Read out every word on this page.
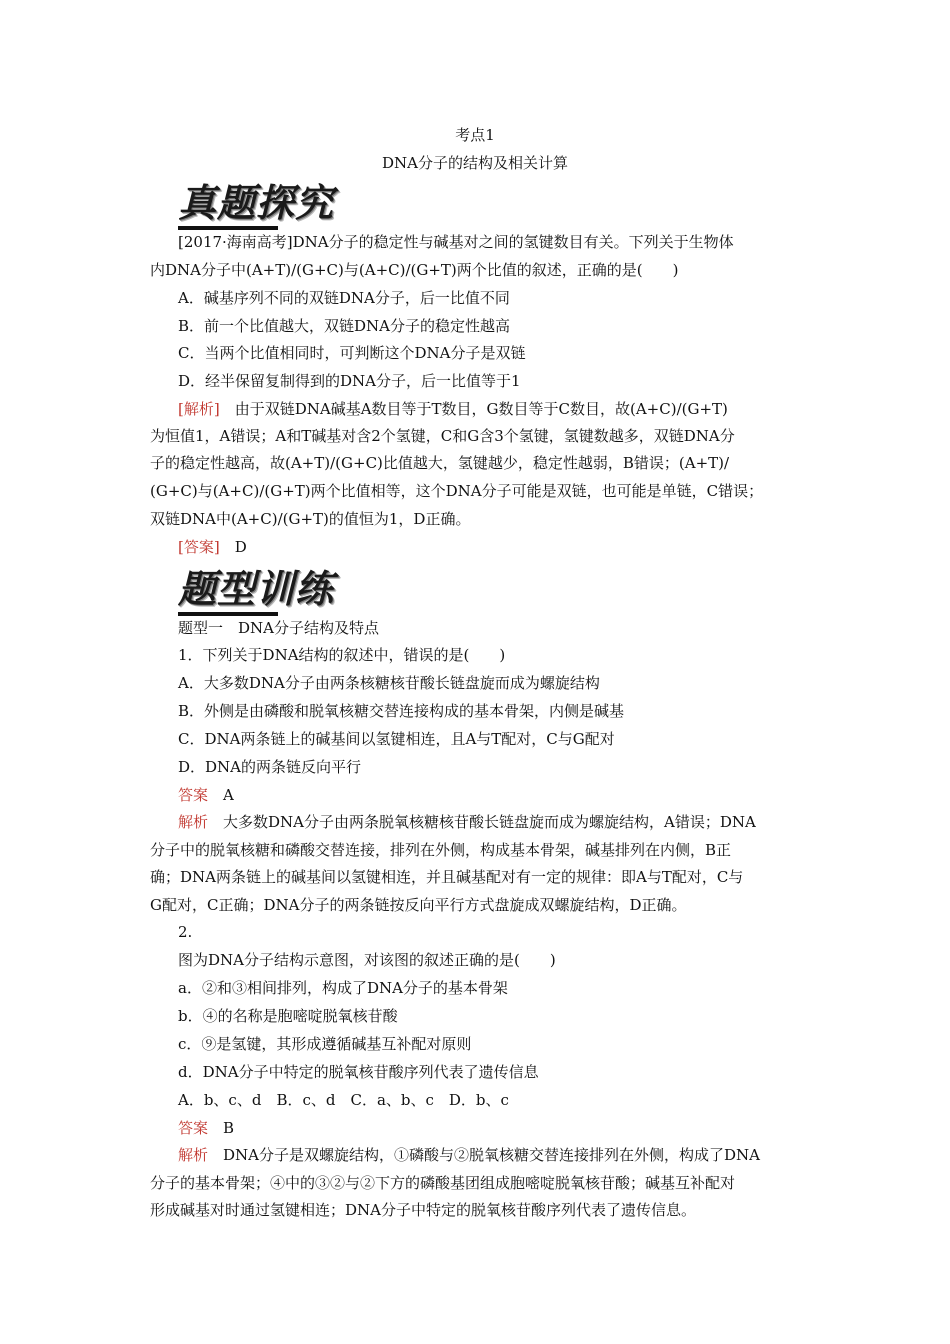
考点1
DNA分子的结构及相关计算
真题探究
[2017·海南高考]DNA分子的稳定性与碱基对之间的氢键数目有关。下列关于生物体
内DNA分子中(A+T)/(G+C)与(A+C)/(G+T)两个比值的叙述，正确的是(　　)
A．碱基序列不同的双链DNA分子，后一比值不同
B．前一个比值越大，双链DNA分子的稳定性越高
C．当两个比值相同时，可判断这个DNA分子是双链
D．经半保留复制得到的DNA分子，后一比值等于1
[解析]　由于双链DNA碱基A数目等于T数目，G数目等于C数目，故(A+C)/(G+T)
为恒值1，A错误；A和T碱基对含2个氢键，C和G含3个氢键，氢键数越多，双链DNA分
子的稳定性越高，故(A+T)/(G+C)比值越大，氢键越少，稳定性越弱，B错误；(A+T)/
(G+C)与(A+C)/(G+T)两个比值相等，这个DNA分子可能是双链，也可能是单链，C错误；
双链DNA中(A+C)/(G+T)的值恒为1，D正确。
[答案]　D
题型训练
题型一　DNA分子结构及特点
1．下列关于DNA结构的叙述中，错误的是(　　)
A．大多数DNA分子由两条核糖核苷酸长链盘旋而成为螺旋结构
B．外侧是由磷酸和脱氧核糖交替连接构成的基本骨架，内侧是碱基
C．DNA两条链上的碱基间以氢键相连，且A与T配对，C与G配对
D．DNA的两条链反向平行
答案　A
解析　大多数DNA分子由两条脱氧核糖核苷酸长链盘旋而成为螺旋结构，A错误；DNA
分子中的脱氧核糖和磷酸交替连接，排列在外侧，构成基本骨架，碱基排列在内侧，B正
确；DNA两条链上的碱基间以氢键相连，并且碱基配对有一定的规律：即A与T配对，C与
G配对，C正确；DNA分子的两条链按反向平行方式盘旋成双螺旋结构，D正确。
2.
图为DNA分子结构示意图，对该图的叙述正确的是(　　)
a．②和③相间排列，构成了DNA分子的基本骨架
b．④的名称是胞嘧啶脱氧核苷酸
c．⑨是氢键，其形成遵循碱基互补配对原则
d．DNA分子中特定的脱氧核苷酸序列代表了遗传信息
A．b、c、d　B．c、d　C．a、b、c　D．b、c
答案　B
解析　DNA分子是双螺旋结构，①磷酸与②脱氧核糖交替连接排列在外侧，构成了DNA
分子的基本骨架；④中的③②与②下方的磷酸基团组成胞嘧啶脱氧核苷酸；碱基互补配对
形成碱基对时通过氢键相连；DNA分子中特定的脱氧核苷酸序列代表了遗传信息。
